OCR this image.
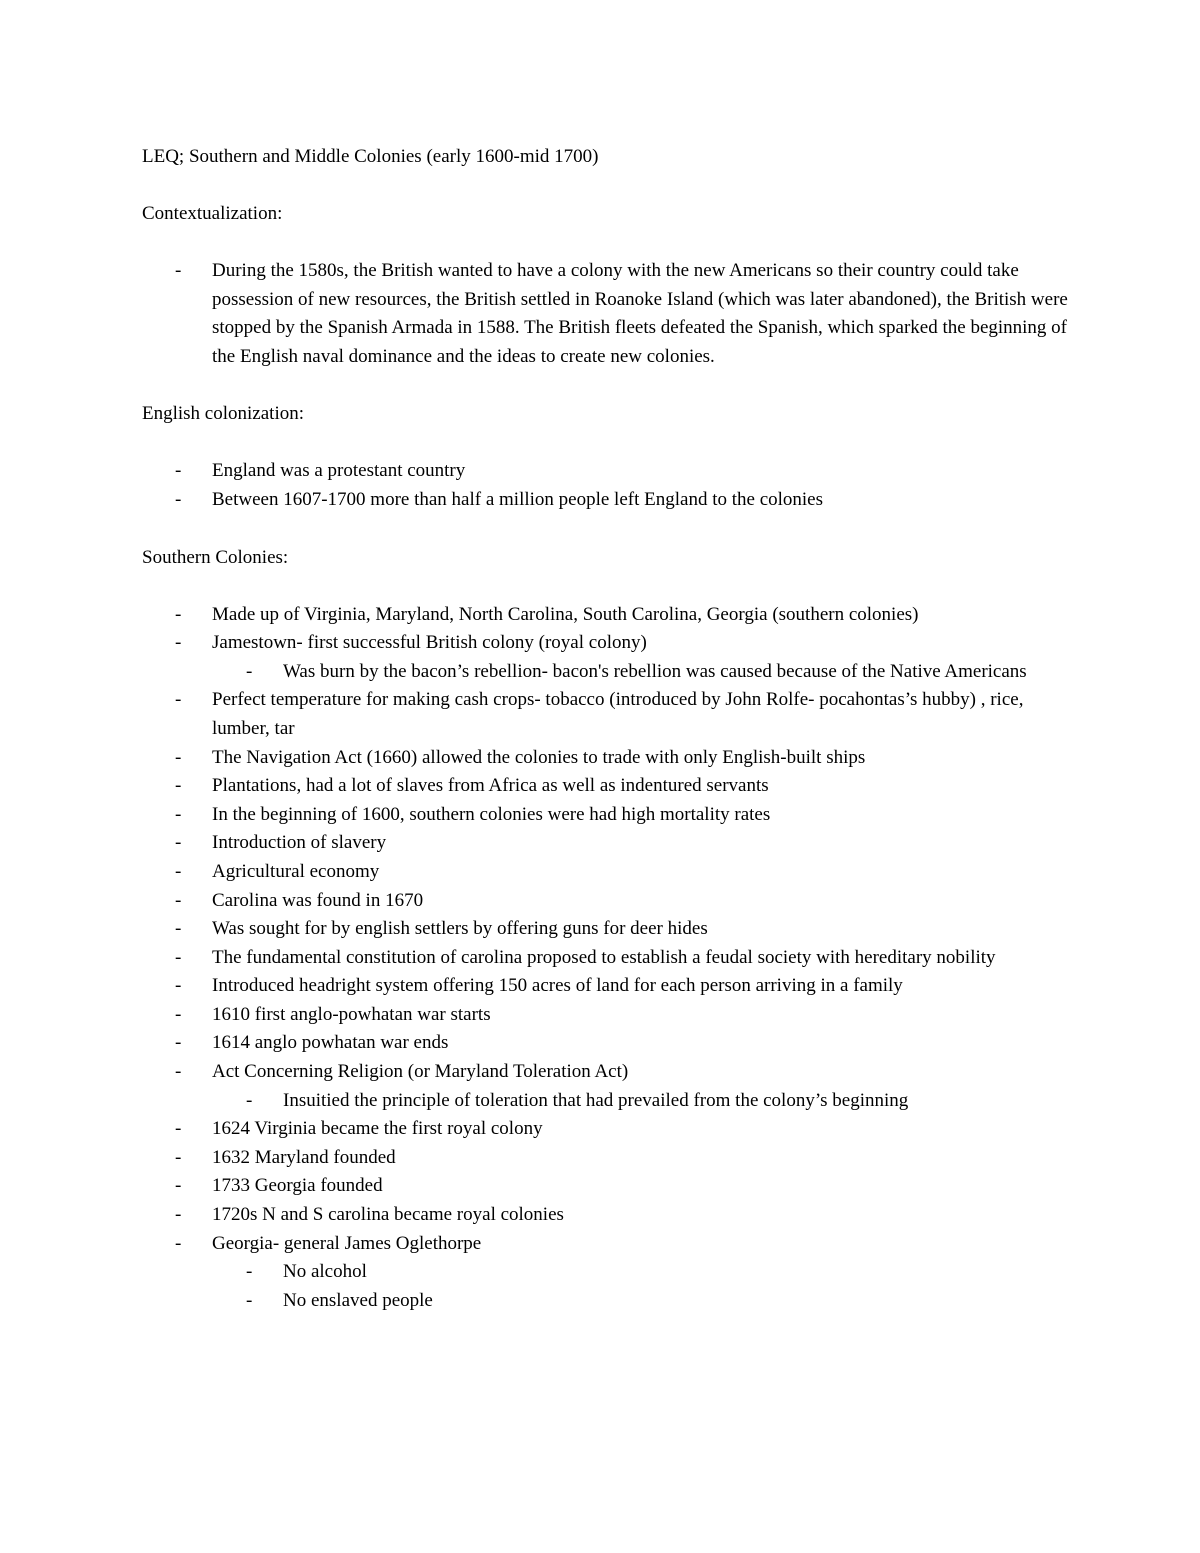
LEQ; Southern and Middle Colonies (early 1600-mid 1700)

Contextualization:

- During the 1580s, the British wanted to have a colony with the new Americans so their country could take possession of new resources, the British settled in Roanoke Island (which was later abandoned), the British were stopped by the Spanish Armada in 1588. The British fleets defeated the Spanish, which sparked the beginning of the English naval dominance and the ideas to create new colonies.

English colonization:

- England was a protestant country
- Between 1607-1700 more than half a million people left England to the colonies

Southern Colonies:

- Made up of Virginia, Maryland, North Carolina, South Carolina, Georgia (southern colonies)
- Jamestown- first successful British colony (royal colony)
- Was burn by the bacon’s rebellion- bacon's rebellion was caused because of the Native Americans
- Perfect temperature for making cash crops- tobacco (introduced by John Rolfe- pocahontas’s hubby) , rice, lumber, tar
- The Navigation Act (1660) allowed the colonies to trade with only English-built ships
- Plantations, had a lot of slaves from Africa as well as indentured servants
- In the beginning of 1600, southern colonies were had high mortality rates
- Introduction of slavery
- Agricultural economy
- Carolina was found in 1670
- Was sought for by english settlers by offering guns for deer hides
- The fundamental constitution of carolina proposed to establish a feudal society with hereditary nobility
- Introduced headright system offering 150 acres of land for each person arriving in a family
- 1610 first anglo-powhatan war starts
- 1614 anglo powhatan war ends
- Act Concerning Religion (or Maryland Toleration Act)
- Insuitied the principle of toleration that had prevailed from the colony’s beginning
- 1624 Virginia became the first royal colony
- 1632 Maryland founded
- 1733 Georgia founded
- 1720s N and S carolina became royal colonies
- Georgia- general James Oglethorpe
- No alcohol
- No enslaved people
